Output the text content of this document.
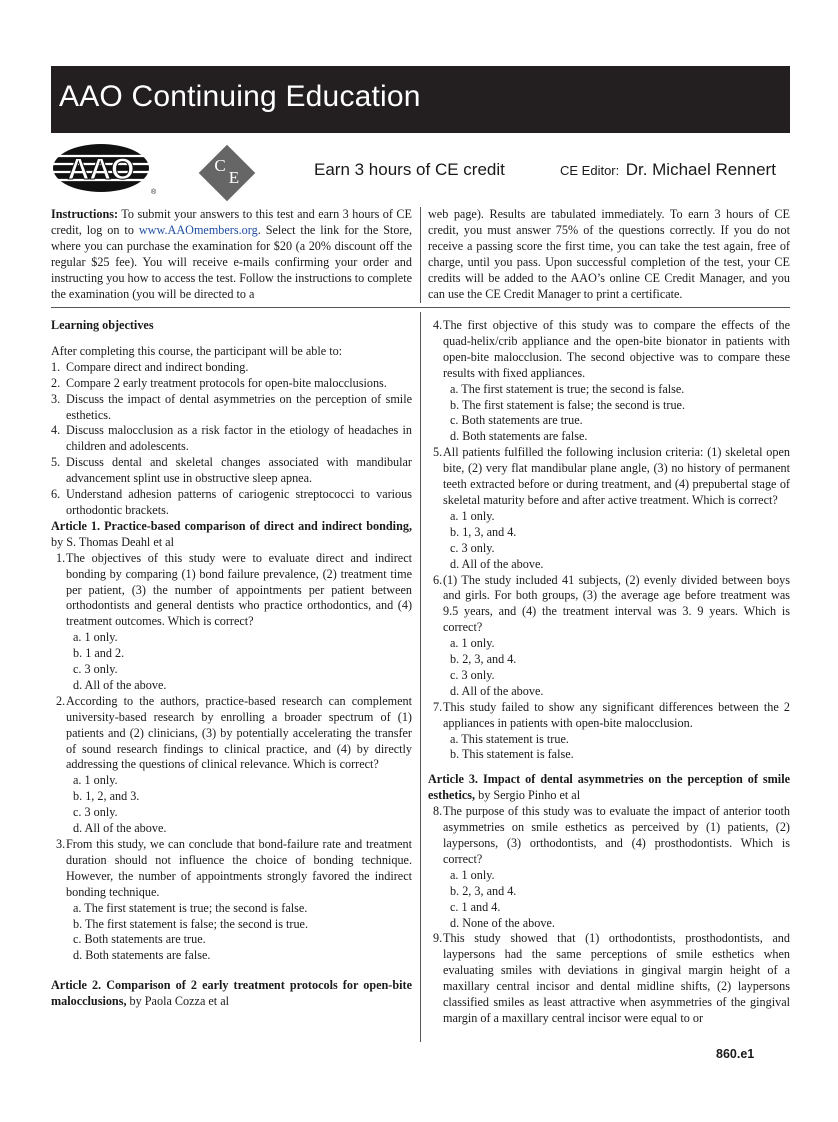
AAO Continuing Education
AAO
®
C
E	Earn 3 hours of CE credit	CE Editor: Dr. Michael Rennert

Instructions: To submit your answers to this test and earn 3 hours of CE credit, log on to www.AAOmembers.org. Select the link for the Store, where you can purchase the examination for $20 (a 20% discount off the regular $25 fee). You will receive e-mails confirming your order and instructing you how to access the test. Follow the instructions to complete the examination (you will be directed to a

web page). Results are tabulated immediately. To earn 3 hours of CE credit, you must answer 75% of the questions correctly. If you do not receive a passing score the first time, you can take the test again, free of charge, until you pass. Upon successful completion of the test, your CE credits will be added to the AAO’s online CE Credit Manager, and you can use the CE Credit Manager to print a certificate.

Learning objectives

After completing this course, the participant will be able to:

1. Compare direct and indirect bonding.
2. Compare 2 early treatment protocols for open-bite malocclusions.
3. Discuss the impact of dental asymmetries on the perception of smile esthetics.
4. Discuss malocclusion as a risk factor in the etiology of headaches in children and adolescents.
5. Discuss dental and skeletal changes associated with mandibular advancement splint use in obstructive sleep apnea.
6. Understand adhesion patterns of cariogenic streptococci to various orthodontic brackets.

Article 1. Practice-based comparison of direct and indirect bonding, by S. Thomas Deahl et al

1. The objectives of this study were to evaluate direct and indirect bonding by comparing (1) bond failure prevalence, (2) treatment time per patient, (3) the number of appointments per patient between orthodontists and general dentists who practice orthodontics, and (4) treatment outcomes. Which is correct?
a. 1 only.
b. 1 and 2.
c. 3 only.
d. All of the above.
2. According to the authors, practice-based research can complement university-based research by enrolling a broader spectrum of (1) patients and (2) clinicians, (3) by potentially accelerating the transfer of sound research findings to clinical practice, and (4) by directly addressing the questions of clinical relevance. Which is correct?
a. 1 only.
b. 1, 2, and 3.
c. 3 only.
d. All of the above.
3. From this study, we can conclude that bond-failure rate and treatment duration should not influence the choice of bonding technique. However, the number of appointments strongly favored the indirect bonding technique.
a. The first statement is true; the second is false.
b. The first statement is false; the second is true.
c. Both statements are true.
d. Both statements are false.

Article 2. Comparison of 2 early treatment protocols for open-bite malocclusions, by Paola Cozza et al

4. The first objective of this study was to compare the effects of the quad-helix/crib appliance and the open-bite bionator in patients with open-bite malocclusion. The second objective was to compare these results with fixed appliances.
a. The first statement is true; the second is false.
b. The first statement is false; the second is true.
c. Both statements are true.
d. Both statements are false.
5. All patients fulfilled the following inclusion criteria: (1) skeletal open bite, (2) very flat mandibular plane angle, (3) no history of permanent teeth extracted before or during treatment, and (4) prepubertal stage of skeletal maturity before and after active treatment. Which is correct?
a. 1 only.
b. 1, 3, and 4.
c. 3 only.
d. All of the above.
6. (1) The study included 41 subjects, (2) evenly divided between boys and girls. For both groups, (3) the average age before treatment was 9.5 years, and (4) the treatment interval was 3. 9 years. Which is correct?
a. 1 only.
b. 2, 3, and 4.
c. 3 only.
d. All of the above.
7. This study failed to show any significant differences between the 2 appliances in patients with open-bite malocclusion.
a. This statement is true.
b. This statement is false.

Article 3. Impact of dental asymmetries on the perception of smile esthetics, by Sergio Pinho et al

8. The purpose of this study was to evaluate the impact of anterior tooth asymmetries on smile esthetics as perceived by (1) patients, (2) laypersons, (3) orthodontists, and (4) prosthodontists. Which is correct?
a. 1 only.
b. 2, 3, and 4.
c. 1 and 4.
d. None of the above.
9. This study showed that (1) orthodontists, prosthodontists, and laypersons had the same perceptions of smile esthetics when evaluating smiles with deviations in gingival margin height of a maxillary central incisor and dental midline shifts, (2) laypersons classified smiles as least attractive when asymmetries of the gingival margin of a maxillary central incisor were equal to or
860.e1
